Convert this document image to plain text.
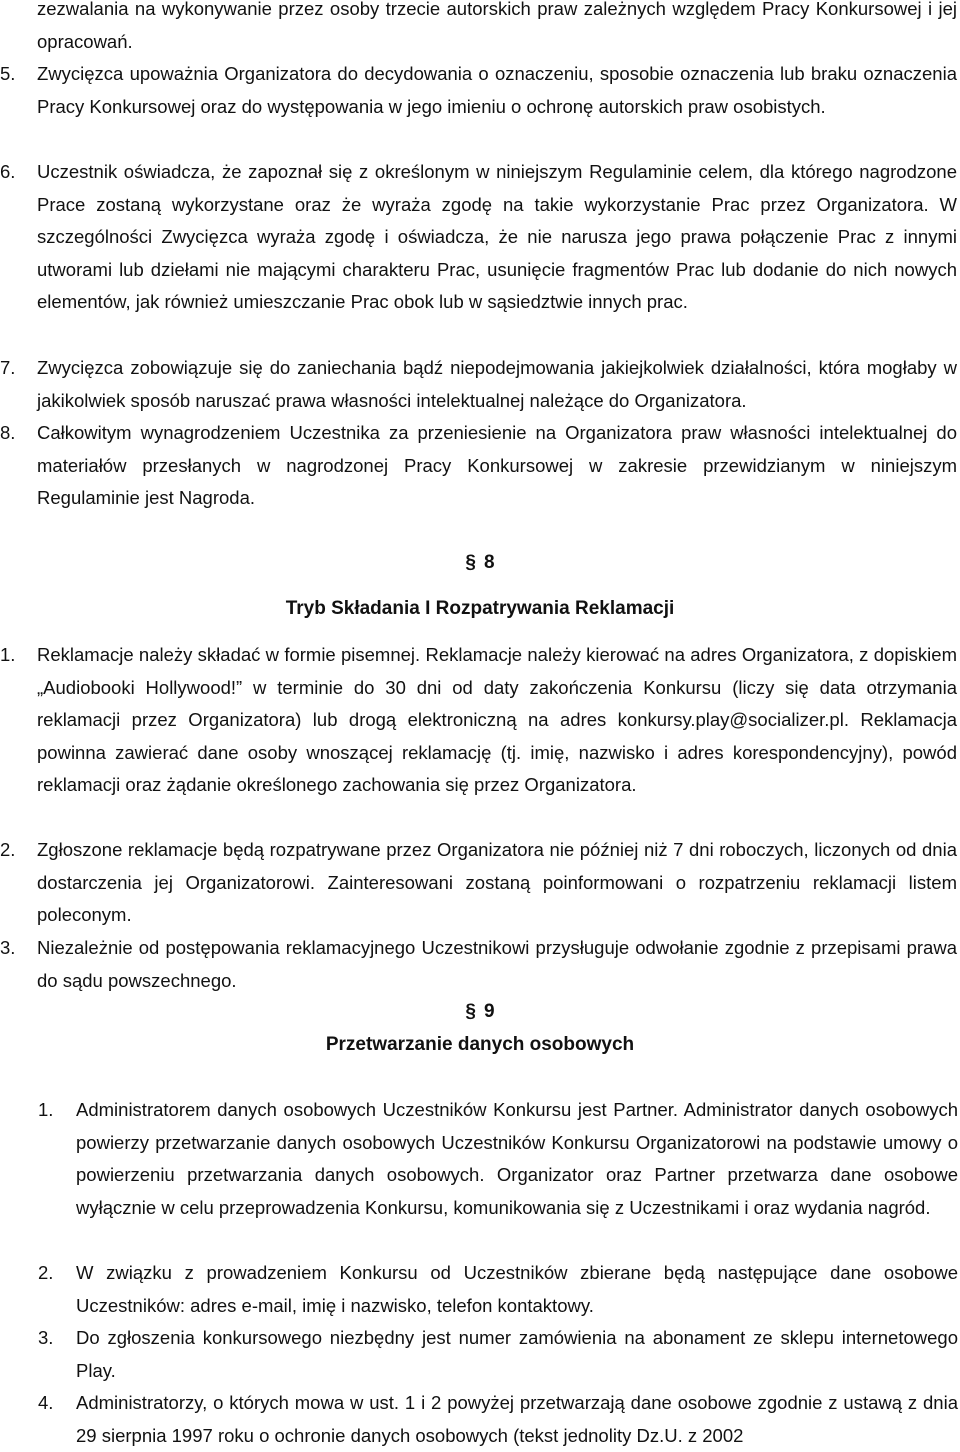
zezwalania na wykonywanie przez osoby trzecie autorskich praw zależnych względem Pracy Konkursowej i jej opracowań.
5.	Zwycięzca upoważnia Organizatora do decydowania o oznaczeniu, sposobie oznaczenia lub braku oznaczenia Pracy Konkursowej oraz do występowania w jego imieniu o ochronę autorskich praw osobistych.
6.	Uczestnik oświadcza, że zapoznał się z określonym w niniejszym Regulaminie celem, dla którego nagrodzone Prace zostaną wykorzystane oraz że wyraża zgodę na takie wykorzystanie Prac przez Organizatora. W szczególności Zwycięzca wyraża zgodę i oświadcza, że nie narusza jego prawa połączenie Prac z innymi utworami lub dziełami nie mającymi charakteru Prac, usunięcie fragmentów Prac lub dodanie do nich nowych elementów, jak również umieszczanie Prac obok lub w sąsiedztwie innych prac.
7.	Zwycięzca zobowiązuje się do zaniechania bądź niepodejmowania jakiejkolwiek działalności, która mogłaby w jakikolwiek sposób naruszać prawa własności intelektualnej należące do Organizatora.
8.	Całkowitym wynagrodzeniem Uczestnika za przeniesienie na Organizatora praw własności intelektualnej do materiałów przesłanych w nagrodzonej Pracy Konkursowej w zakresie przewidzianym w niniejszym Regulaminie jest Nagroda.
§ 8
Tryb Składania I Rozpatrywania Reklamacji
1.	Reklamacje należy składać w formie pisemnej. Reklamacje należy kierować na adres Organizatora, z dopiskiem „Audiobooki Hollywood!” w terminie do 30 dni od daty zakończenia Konkursu (liczy się data otrzymania reklamacji przez Organizatora) lub drogą elektroniczną na adres konkursy.play@socializer.pl. Reklamacja powinna zawierać dane osoby wnoszącej reklamację (tj. imię, nazwisko i adres korespondencyjny), powód reklamacji oraz żądanie określonego zachowania się przez Organizatora.
2.	Zgłoszone reklamacje będą rozpatrywane przez Organizatora nie później niż 7 dni roboczych, liczonych od dnia dostarczenia jej Organizatorowi. Zainteresowani zostaną poinformowani o rozpatrzeniu reklamacji listem poleconym.
3.	Niezależnie od postępowania reklamacyjnego Uczestnikowi przysługuje odwołanie zgodnie z przepisami prawa do sądu powszechnego.
§ 9
Przetwarzanie danych osobowych
1.	Administratorem danych osobowych Uczestników Konkursu jest Partner. Administrator danych osobowych powierzy przetwarzanie danych osobowych Uczestników Konkursu Organizatorowi na podstawie umowy o powierzeniu przetwarzania danych osobowych. Organizator oraz Partner przetwarza dane osobowe wyłącznie w celu przeprowadzenia Konkursu, komunikowania się z Uczestnikami i oraz wydania nagród.
2.	W związku z prowadzeniem Konkursu od Uczestników zbierane będą następujące dane osobowe Uczestników: adres e-mail, imię i nazwisko, telefon kontaktowy.
3.	Do zgłoszenia konkursowego niezbędny jest numer zamówienia na abonament ze sklepu internetowego Play.
4.	Administratorzy, o których mowa w ust. 1 i 2 powyżej przetwarzają dane osobowe zgodnie z ustawą z dnia 29 sierpnia 1997 roku o ochronie danych osobowych (tekst jednolity Dz.U. z 2002
